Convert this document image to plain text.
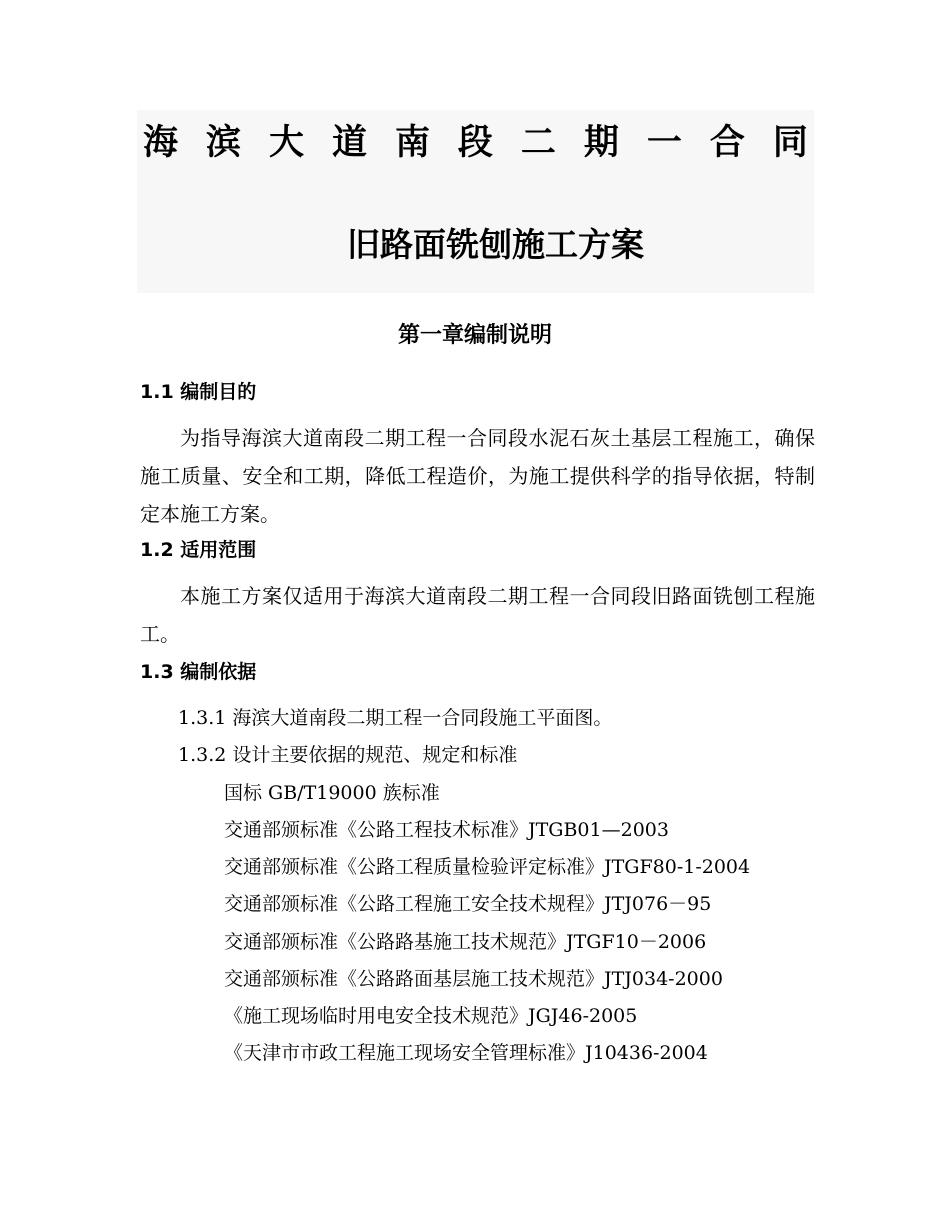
海 滨 大 道 南 段 二 期 一 合 同
旧路面铣刨施工方案
第一章编制说明
1.1 编制目的
为指导海滨大道南段二期工程一合同段水泥石灰土基层工程施工，确保施工质量、安全和工期，降低工程造价，为施工提供科学的指导依据，特制定本施工方案。
1.2 适用范围
本施工方案仅适用于海滨大道南段二期工程一合同段旧路面铣刨工程施工。
1.3 编制依据
1.3.1 海滨大道南段二期工程一合同段施工平面图。
1.3.2 设计主要依据的规范、规定和标准
国标 GB/T19000 族标准
交通部颁标准《公路工程技术标准》JTGB01—2003
交通部颁标准《公路工程质量检验评定标准》JTGF80-1-2004
交通部颁标准《公路工程施工安全技术规程》JTJ076－95
交通部颁标准《公路路基施工技术规范》JTGF10－2006
交通部颁标准《公路路面基层施工技术规范》JTJ034-2000
《施工现场临时用电安全技术规范》JGJ46-2005
《天津市市政工程施工现场安全管理标准》J10436-2004
